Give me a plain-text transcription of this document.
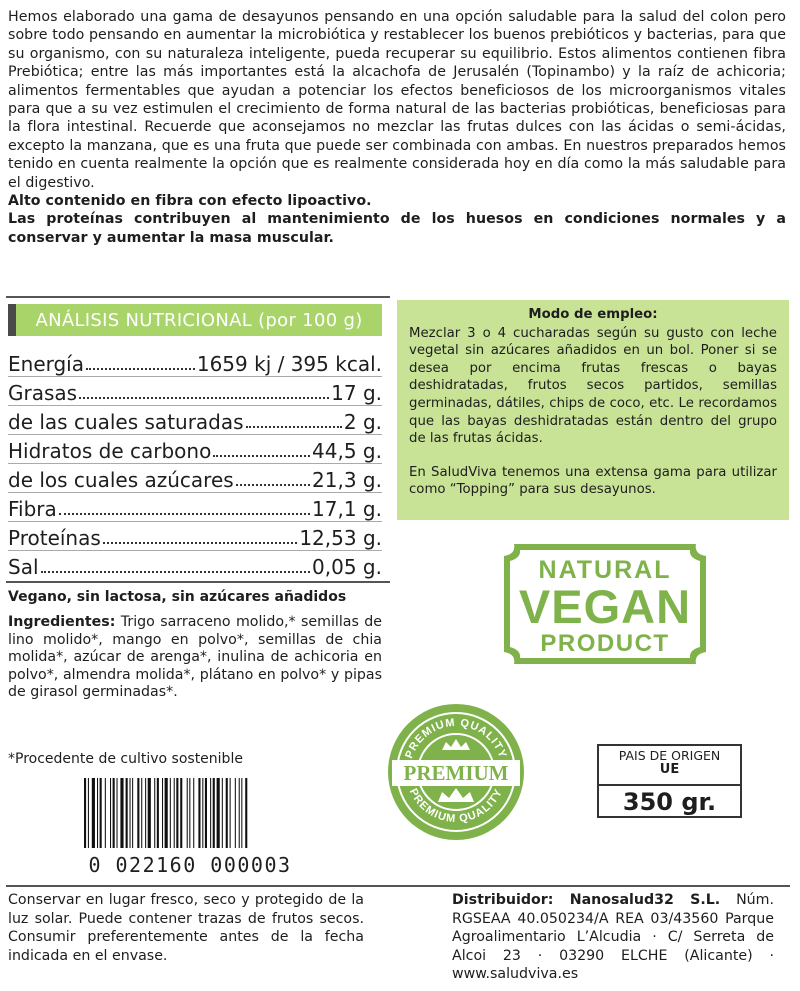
Hemos elaborado una gama de desayunos pensando en una opción saludable para la salud del colon pero sobre todo pensando en aumentar la microbiótica y restablecer los buenos prebióticos y bacterias, para que su organismo, con su naturaleza inteligente, pueda recuperar su equilibrio. Estos alimentos contienen fibra Prebiótica; entre las más importantes está la alcachofa de Jerusalén (Topinambo) y la raíz de achicoria; alimentos fermentables que ayudan a potenciar los efectos beneficiosos de los microorganismos vitales para que a su vez estimulen el crecimiento de forma natural de las bacterias probióticas, beneficiosas para la flora intestinal. Recuerde que aconsejamos no mezclar las frutas dulces con las ácidas o semi-ácidas, excepto la manzana, que es una fruta que puede ser combinada con ambas. En nuestros preparados hemos tenido en cuenta realmente la opción que es realmente considerada hoy en día como la más saludable para el digestivo.

Alto contenido en fibra con efecto lipoactivo.

Las proteínas contribuyen al mantenimiento de los huesos en condiciones normales y a conservar y aumentar la masa muscular.

ANÁLISIS NUTRICIONAL (por 100 g)
Energía	1659 kj / 395 kcal.
Grasas	17 g.
de las cuales saturadas	2 g.
Hidratos de carbono	44,5 g.
de los cuales azúcares	21,3 g.
Fibra	17,1 g.
Proteínas	12,53 g.
Sal	0,05 g.
Vegano, sin lactosa, sin azúcares añadidos
Ingredientes: Trigo sarraceno molido,* semillas de lino molido*, mango en polvo*, semillas de chia molida*, azúcar de arenga*, inulina de achicoria en polvo*, almendra molida*, plátano en polvo* y pipas de girasol germinadas*.
*Procedente de cultivo sostenible
0 022160 000003
Modo de empleo:
Mezclar 3 o 4 cucharadas según su gusto con leche vegetal sin azúcares añadidos en un bol. Poner si se desea por encima frutas frescas o bayas deshidratadas, frutos secos partidos, semillas germinadas, dátiles, chips de coco, etc. Le recordamos que las bayas deshidratadas están dentro del grupo de las frutas ácidas.
En SaludViva tenemos una extensa gama para utilizar como “Topping” para sus desayunos.
NATURAL
VEGAN
PRODUCT
PREMIUM QUALITY
PREMIUM QUALITY
PREMIUM
PAIS DE ORIGEN
UE
350 gr.
Conservar en lugar fresco, seco y protegido de la luz solar. Puede contener trazas de frutos secos. Consumir preferentemente antes de la fecha indicada en el envase.
Distribuidor: Nanosalud32 S.L. Núm. RGSEAA 40.050234/A REA 03/43560 Parque Agroalimentario L’Alcudia · C/ Serreta de Alcoi 23 · 03290 ELCHE (Alicante) · www.saludviva.es
